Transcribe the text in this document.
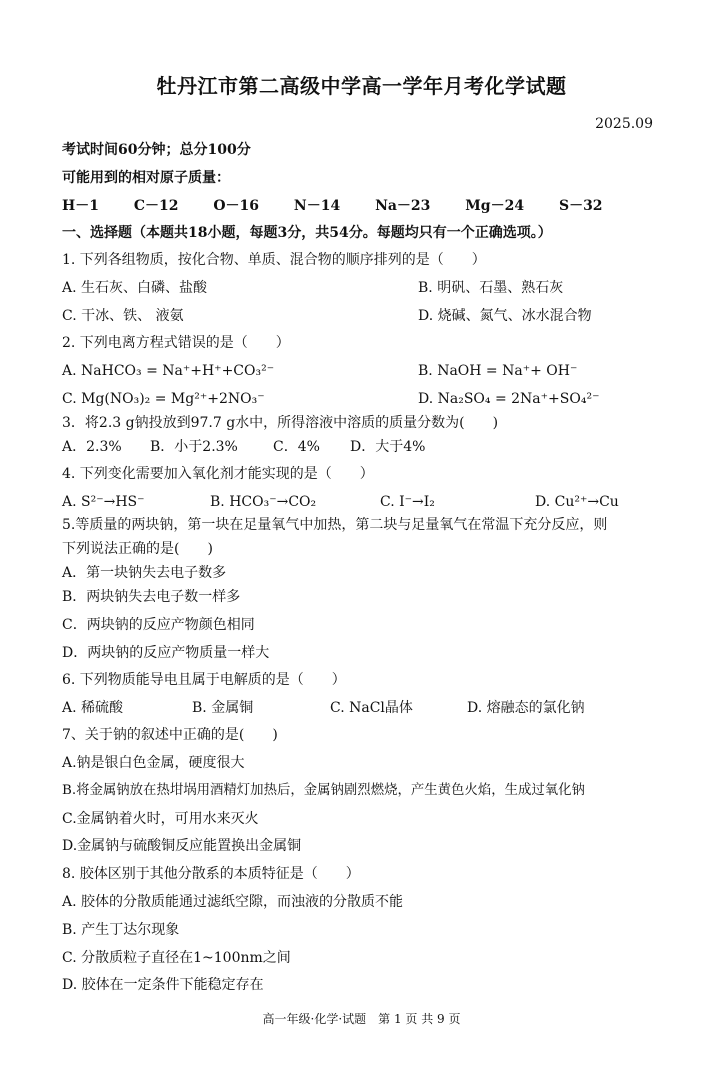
牡丹江市第二高级中学高一学年月考化学试题
2025.09
考试时间60分钟；总分100分
可能用到的相对原子质量：
H－1 C－12 O－16 N－14 Na－23 Mg－24 S－32
一、选择题（本题共18小题，每题3分，共54分。每题均只有一个正确选项。）
1. 下列各组物质，按化合物、单质、混合物的顺序排列的是（　　）
A. 生石灰、白磷、盐酸	B. 明矾、石墨、熟石灰
C. 干冰、铁、 液氨	D. 烧碱、氮气、冰水混合物
2. 下列电离方程式错误的是（　　）
A. NaHCO₃ = Na⁺+H⁺+CO₃²⁻	B. NaOH = Na⁺+ OH⁻
C. Mg(NO₃)₂ = Mg²⁺+2NO₃⁻	D. Na₂SO₄ = 2Na⁺+SO₄²⁻
3．将2.3 g钠投放到97.7 g水中，所得溶液中溶质的质量分数为(　　)
A．2.3% B．小于2.3%	C．4% D．大于4%
4. 下列变化需要加入氧化剂才能实现的是（　　）
A. S²⁻→HS⁻	B. HCO₃⁻→CO₂	C. I⁻→I₂	D. Cu²⁺→Cu
5.等质量的两块钠，第一块在足量氧气中加热，第二块与足量氧气在常温下充分反应，则
下列说法正确的是(　　)
A．第一块钠失去电子数多
B．两块钠失去电子数一样多
C．两块钠的反应产物颜色相同
D．两块钠的反应产物质量一样大
6. 下列物质能导电且属于电解质的是（　　）
A. 稀硫酸	B. 金属铜	C. NaCl晶体	D. 熔融态的氯化钠
7、关于钠的叙述中正确的是(　　)
A.钠是银白色金属，硬度很大
B.将金属钠放在热坩埚用酒精灯加热后，金属钠剧烈燃烧，产生黄色火焰，生成过氧化钠
C.金属钠着火时，可用水来灭火
D.金属钠与硫酸铜反应能置换出金属铜
8. 胶体区别于其他分散系的本质特征是（　　）
A. 胶体的分散质能通过滤纸空隙，而浊液的分散质不能
B. 产生丁达尔现象
C. 分散质粒子直径在1~100nm之间
D. 胶体在一定条件下能稳定存在
高一年级·化学·试题　第 1 页 共 9 页
